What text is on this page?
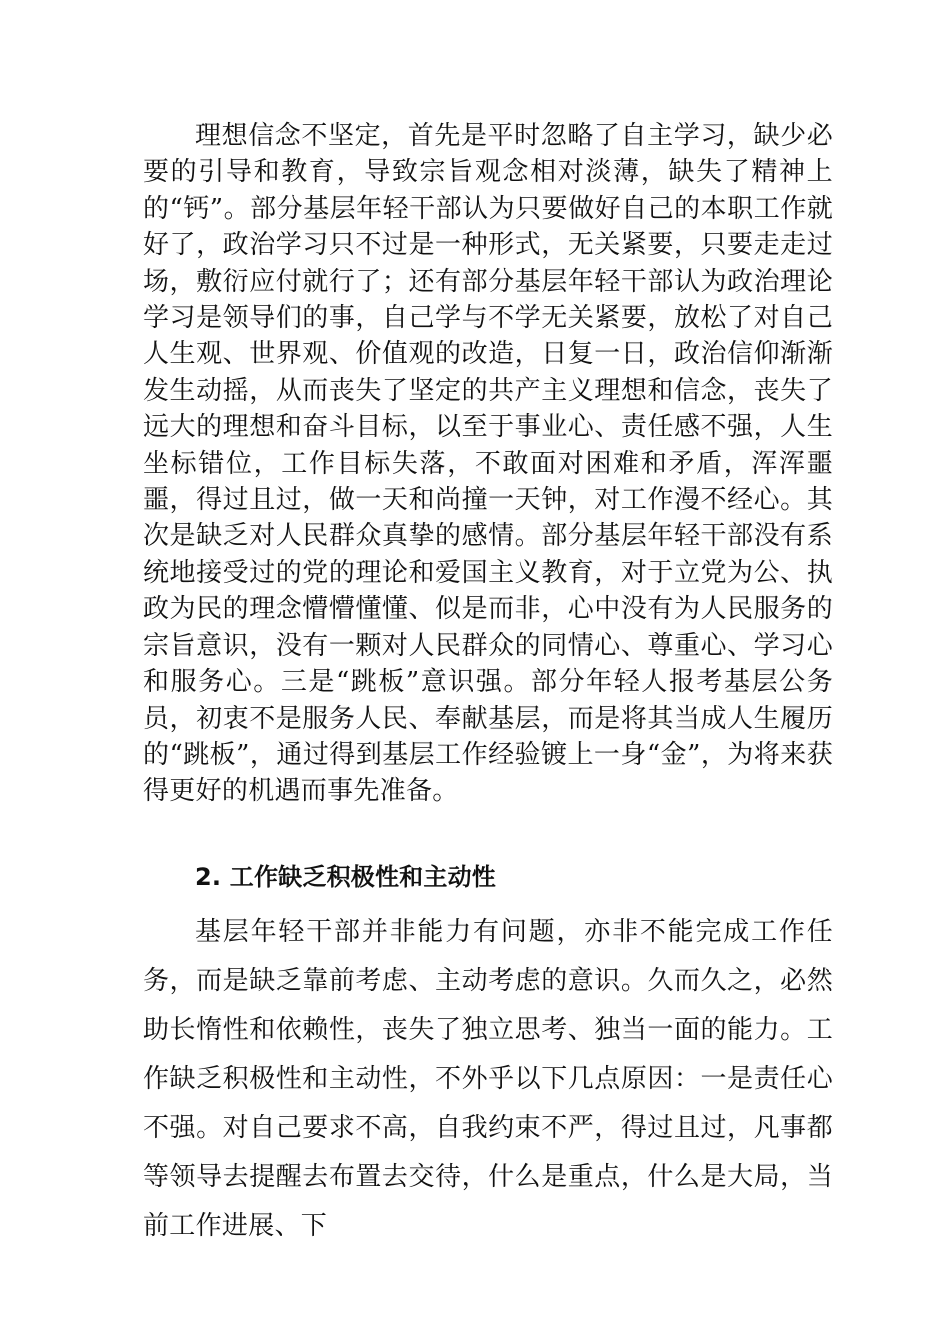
理想信念不坚定，首先是平时忽略了自主学习，缺少必要的引导和教育，导致宗旨观念相对淡薄，缺失了精神上的“钙”。部分基层年轻干部认为只要做好自己的本职工作就好了，政治学习只不过是一种形式，无关紧要，只要走走过场，敷衍应付就行了；还有部分基层年轻干部认为政治理论学习是领导们的事，自己学与不学无关紧要，放松了对自己人生观、世界观、价值观的改造，日复一日，政治信仰渐渐发生动摇，从而丧失了坚定的共产主义理想和信念，丧失了远大的理想和奋斗目标，以至于事业心、责任感不强，人生坐标错位，工作目标失落，不敢面对困难和矛盾，浑浑噩噩，得过且过，做一天和尚撞一天钟，对工作漫不经心。其次是缺乏对人民群众真挚的感情。部分基层年轻干部没有系统地接受过的党的理论和爱国主义教育，对于立党为公、执政为民的理念懵懵懂懂、似是而非，心中没有为人民服务的宗旨意识，没有一颗对人民群众的同情心、尊重心、学习心和服务心。三是“跳板”意识强。部分年轻人报考基层公务员，初衷不是服务人民、奉献基层，而是将其当成人生履历的“跳板”，通过得到基层工作经验镀上一身“金”，为将来获得更好的机遇而事先准备。

2. 工作缺乏积极性和主动性

基层年轻干部并非能力有问题，亦非不能完成工作任务，而是缺乏靠前考虑、主动考虑的意识。久而久之，必然助长惰性和依赖性，丧失了独立思考、独当一面的能力。工作缺乏积极性和主动性，不外乎以下几点原因：一是责任心不强。对自己要求不高，自我约束不严，得过且过，凡事都等领导去提醒去布置去交待，什么是重点，什么是大局，当前工作进展、下
